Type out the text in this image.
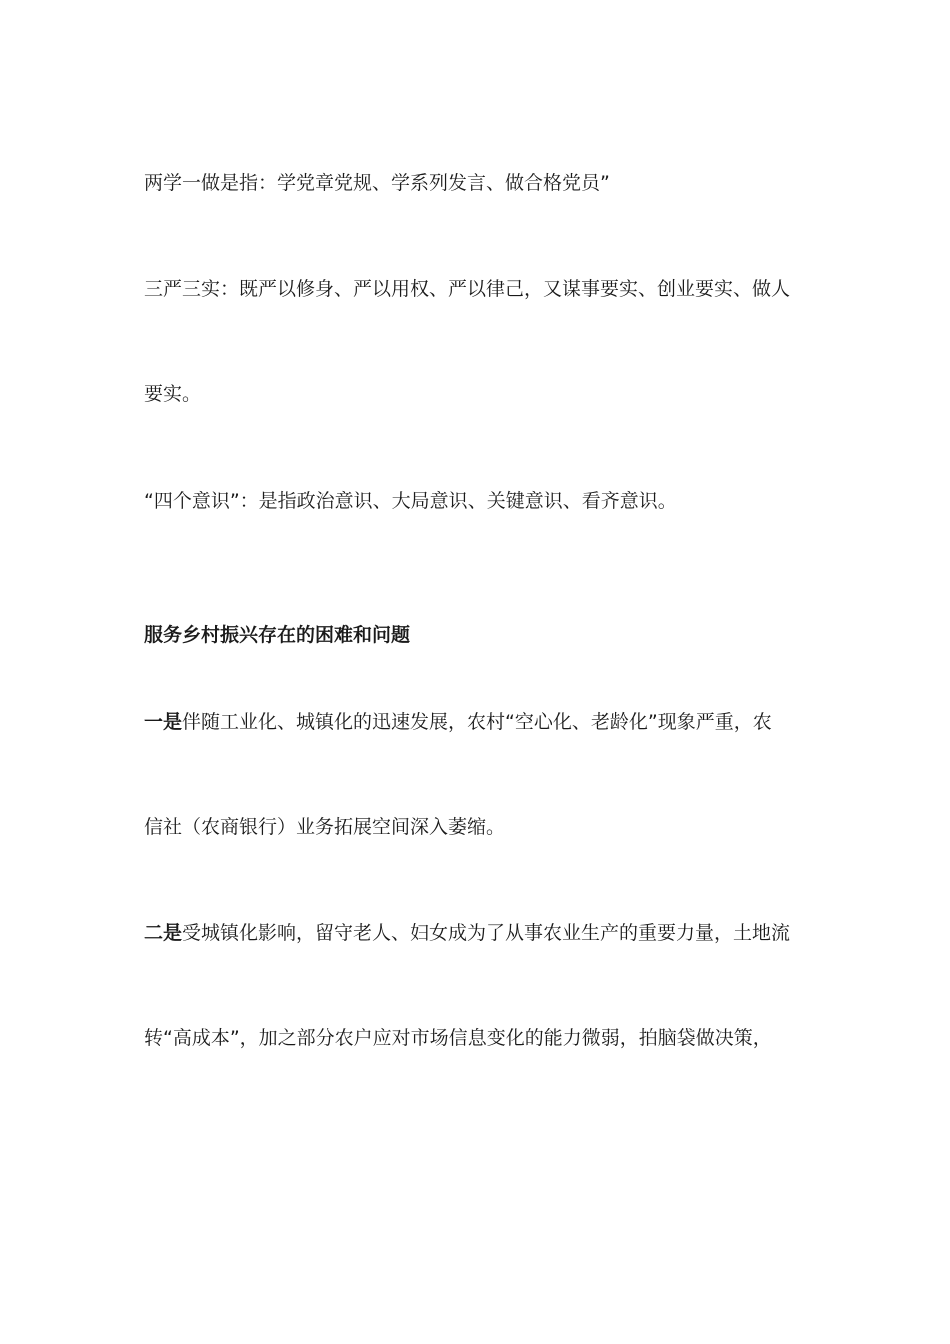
两学一做是指：学党章党规、学系列发言、做合格党员”
三严三实：既严以修身、严以用权、严以律己，又谋事要实、创业要实、做人
要实。
“四个意识”：是指政治意识、大局意识、关键意识、看齐意识。
服务乡村振兴存在的困难和问题
一是伴随工业化、城镇化的迅速发展，农村“空心化、老龄化”现象严重，农
信社（农商银行）业务拓展空间深入萎缩。
二是受城镇化影响，留守老人、妇女成为了从事农业生产的重要力量，土地流
转“高成本”，加之部分农户应对市场信息变化的能力微弱，拍脑袋做决策，
